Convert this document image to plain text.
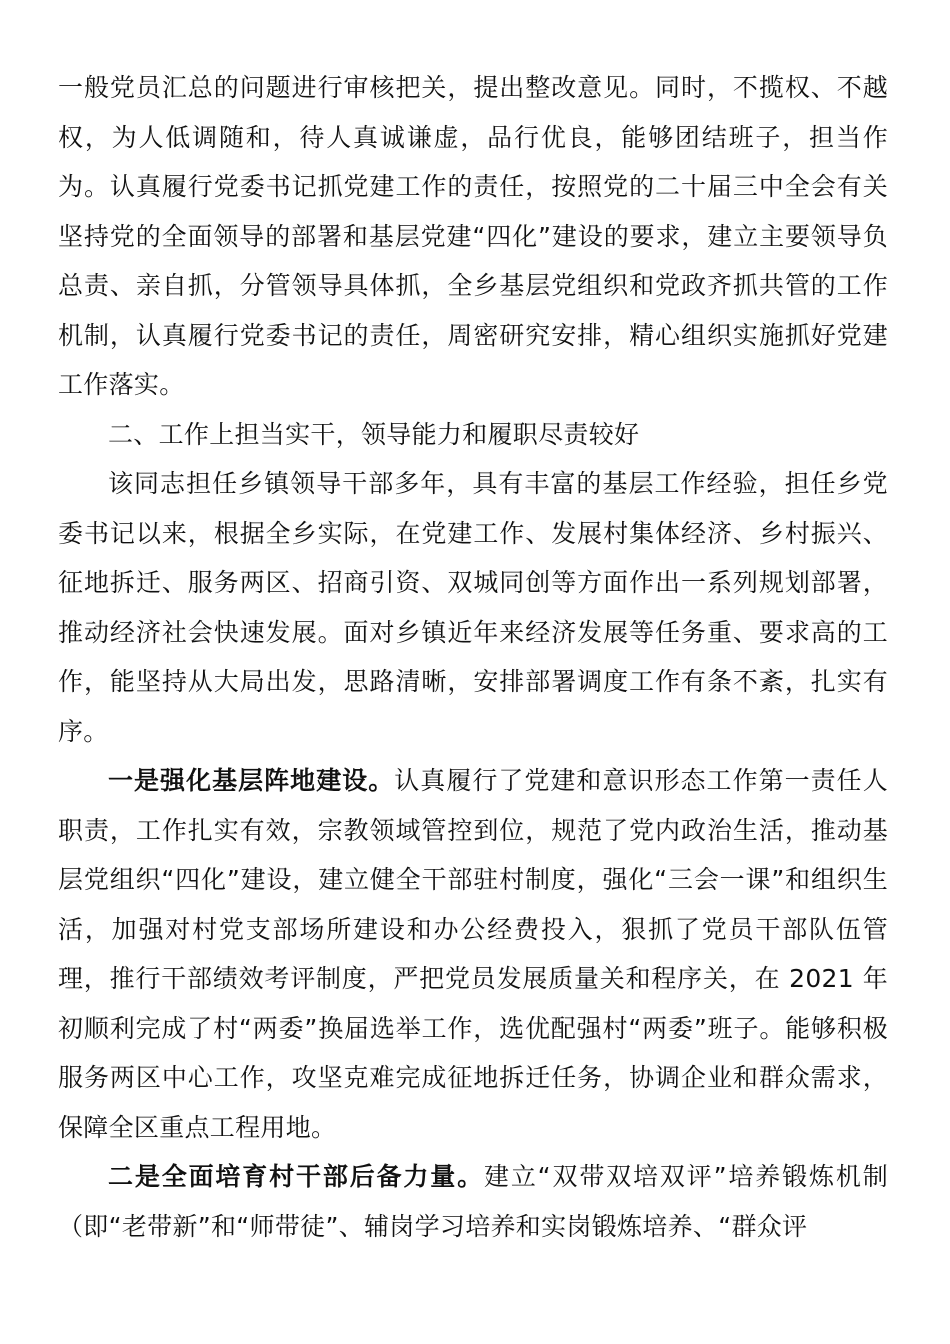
一般党员汇总的问题进行审核把关，提出整改意见。同时，不揽权、不越权，为人低调随和，待人真诚谦虚，品行优良，能够团结班子，担当作为。认真履行党委书记抓党建工作的责任，按照党的二十届三中全会有关坚持党的全面领导的部署和基层党建“四化”建设的要求，建立主要领导负总责、亲自抓，分管领导具体抓，全乡基层党组织和党政齐抓共管的工作机制，认真履行党委书记的责任，周密研究安排，精心组织实施抓好党建工作落实。

二、工作上担当实干，领导能力和履职尽责较好

该同志担任乡镇领导干部多年，具有丰富的基层工作经验，担任乡党委书记以来，根据全乡实际，在党建工作、发展村集体经济、乡村振兴、征地拆迁、服务两区、招商引资、双城同创等方面作出一系列规划部署，推动经济社会快速发展。面对乡镇近年来经济发展等任务重、要求高的工作，能坚持从大局出发，思路清晰，安排部署调度工作有条不紊，扎实有序。

一是强化基层阵地建设。认真履行了党建和意识形态工作第一责任人职责，工作扎实有效，宗教领域管控到位，规范了党内政治生活，推动基层党组织“四化”建设，建立健全干部驻村制度，强化“三会一课”和组织生活，加强对村党支部场所建设和办公经费投入，狠抓了党员干部队伍管理，推行干部绩效考评制度，严把党员发展质量关和程序关，在 2021 年初顺利完成了村“两委”换届选举工作，选优配强村“两委”班子。能够积极服务两区中心工作，攻坚克难完成征地拆迁任务，协调企业和群众需求，保障全区重点工程用地。

二是全面培育村干部后备力量。建立“双带双培双评”培养锻炼机制（即“老带新”和“师带徒”、辅岗学习培养和实岗锻炼培养、“群众评
